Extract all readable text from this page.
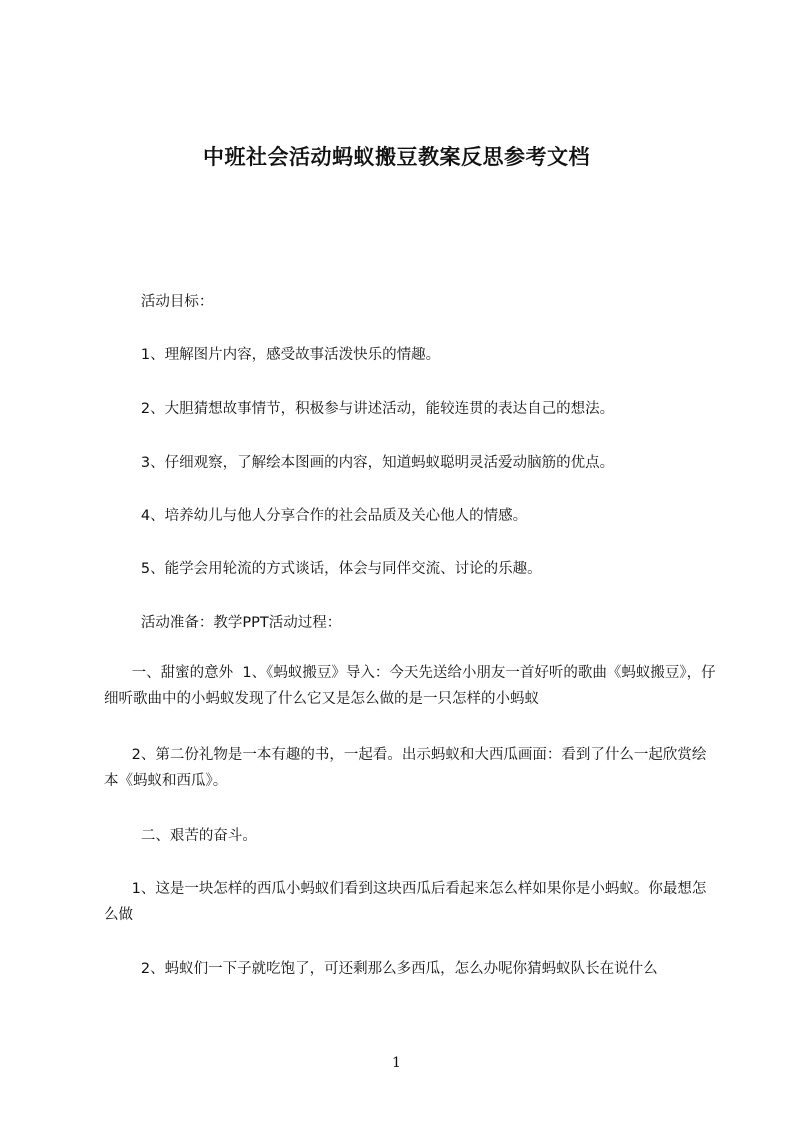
中班社会活动蚂蚁搬豆教案反思参考文档
活动目标：
1、理解图片内容，感受故事活泼快乐的情趣。
2、大胆猜想故事情节，积极参与讲述活动，能较连贯的表达自己的想法。
3、仔细观察，了解绘本图画的内容，知道蚂蚁聪明灵活爱动脑筋的优点。
4、培养幼儿与他人分享合作的社会品质及关心他人的情感。
5、能学会用轮流的方式谈话，体会与同伴交流、讨论的乐趣。
活动准备：教学PPT活动过程：
一、甜蜜的意外  1、《蚂蚁搬豆》导入：今天先送给小朋友一首好听的歌曲《蚂蚁搬豆》，仔细听歌曲中的小蚂蚁发现了什么它又是怎么做的是一只怎样的小蚂蚁
2、第二份礼物是一本有趣的书，一起看。出示蚂蚁和大西瓜画面：看到了什么一起欣赏绘本《蚂蚁和西瓜》。
二、艰苦的奋斗。
1、这是一块怎样的西瓜小蚂蚁们看到这块西瓜后看起来怎么样如果你是小蚂蚁。你最想怎么做
2、蚂蚁们一下子就吃饱了，可还剩那么多西瓜，怎么办呢你猜蚂蚁队长在说什么
1
